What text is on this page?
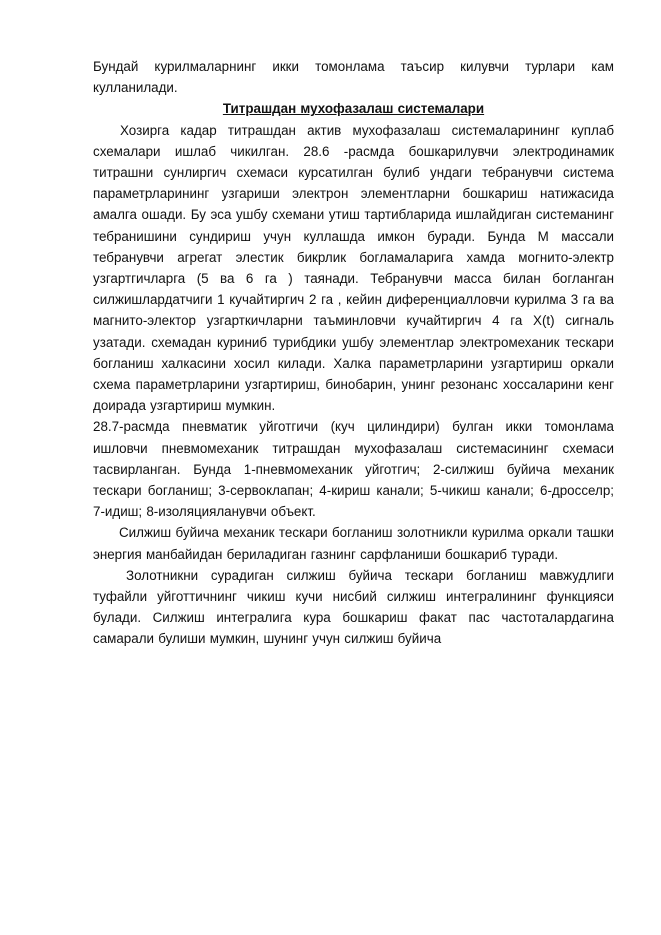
Бундай курилмаларнинг икки томонлама таъсир килувчи турлари кам кулланилади.

Титрашдан мухофазалаш системалари

Хозирга кадар титрашдан актив мухофазалаш системаларининг куплаб схемалари ишлаб чикилган. 28.6 -расмда бошкарилувчи электродинамик титрашни сунлиргич схемаси курсатилган булиб ундаги тебранувчи система параметрларининг узгариши электрон элементларни бошкариш натижасида амалга ошади. Бу эса ушбу схемани утиш тартибларида ишлайдиган системанинг тебранишини сундириш учун куллашда имкон буради. Бунда М массали тебранувчи агрегат элестик бикрлик богламаларига хамда могнито-электр узгартгичларга (5 ва 6 га ) таянади. Тебранувчи масса билан богланган силжишлардатчиги 1 кучайтиргич 2 га , кейин диференциалловчи курилма 3 га ва магнито-электор узгарткичларни таъминловчи кучайтиргич 4 га X(t) сигналь узатади. схемадан куриниб турибдики ушбу элементлар электромеханик тескари богланиш халкасини хосил килади. Халка параметрларини узгартириш оркали схема параметрларини узгартириш, бинобарин, унинг резонанс хоссаларини кенг доирада узгартириш мумкин.

28.7-расмда пневматик уйготгичи (куч цилиндири) булган икки томонлама ишловчи пневмомеханик титрашдан мухофазалаш системасининг схемаси тасвирланган. Бунда 1-пневмомеханик уйготгич; 2-силжиш буйича механик тескари богланиш; 3-сервоклапан; 4-кириш канали; 5-чикиш канали; 6-дросселр; 7-идиш; 8-изоляцияланувчи объект.

Силжиш буйича механик тескари богланиш золотникли курилма оркали ташки энергия манбайидан бериладиган газнинг сарфланиши бошкариб турaди.

Золотникни сурадиган силжиш буйича тескари богланиш мавжудлиги туфайли уйготтичнинг чикиш кучи нисбий силжиш интегралининг функцияси булади. Силжиш интегралига кура бошкариш факат пас частоталардагина самарали булиши мумкин, шунинг учун силжиш буйича
